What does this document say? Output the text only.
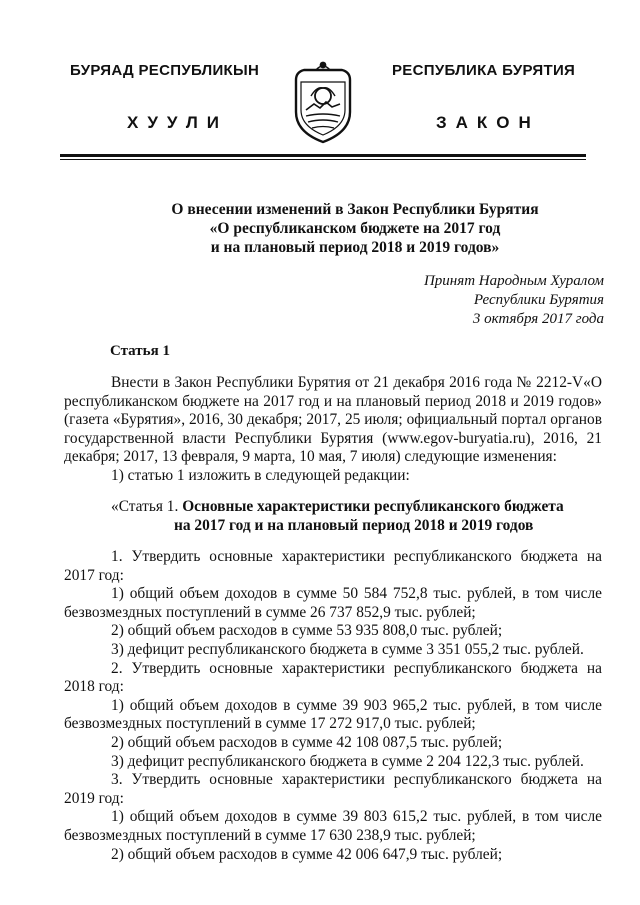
БУРЯАД РЕСПУБЛИКЫН
ХУУЛИ
РЕСПУБЛИКА БУРЯТИЯ
ЗАКОН
О внесении изменений в Закон Республики Бурятия
«О республиканском бюджете на 2017 год
и на плановый период 2018 и 2019 годов»
Принят Народным Хуралом
Республики Бурятия
3 октября 2017 года
Статья 1

Внести в Закон Республики Бурятия от 21 декабря 2016 года № 2212-V«О республиканском бюджете на 2017 год и на плановый период 2018 и 2019 годов» (газета «Бурятия», 2016, 30 декабря; 2017, 25 июля; официальный портал органов государственной власти Республики Бурятия (www.egov-buryatia.ru), 2016, 21 декабря; 2017, 13 февраля, 9 марта, 10 мая, 7 июля) следующие изменения:

1) статью 1 изложить в следующей редакции:

«Статья 1. Основные характеристики республиканского бюджета
на 2017 год и на плановый период 2018 и 2019 годов

1. Утвердить основные характеристики республиканского бюджета на 2017 год:

1) общий объем доходов в сумме 50 584 752,8 тыс. рублей, в том числе безвозмездных поступлений в сумме 26 737 852,9 тыс. рублей;

2) общий объем расходов в сумме 53 935 808,0 тыс. рублей;

3) дефицит республиканского бюджета в сумме 3 351 055,2 тыс. рублей.

2. Утвердить основные характеристики республиканского бюджета на 2018 год:

1) общий объем доходов в сумме 39 903 965,2 тыс. рублей, в том числе безвозмездных поступлений в сумме 17 272 917,0 тыс. рублей;

2) общий объем расходов в сумме 42 108 087,5 тыс. рублей;

3) дефицит республиканского бюджета в сумме 2 204 122,3 тыс. рублей.

3. Утвердить основные характеристики республиканского бюджета на 2019 год:

1) общий объем доходов в сумме 39 803 615,2 тыс. рублей, в том числе безвозмездных поступлений в сумме 17 630 238,9 тыс. рублей;

2) общий объем расходов в сумме 42 006 647,9 тыс. рублей;
